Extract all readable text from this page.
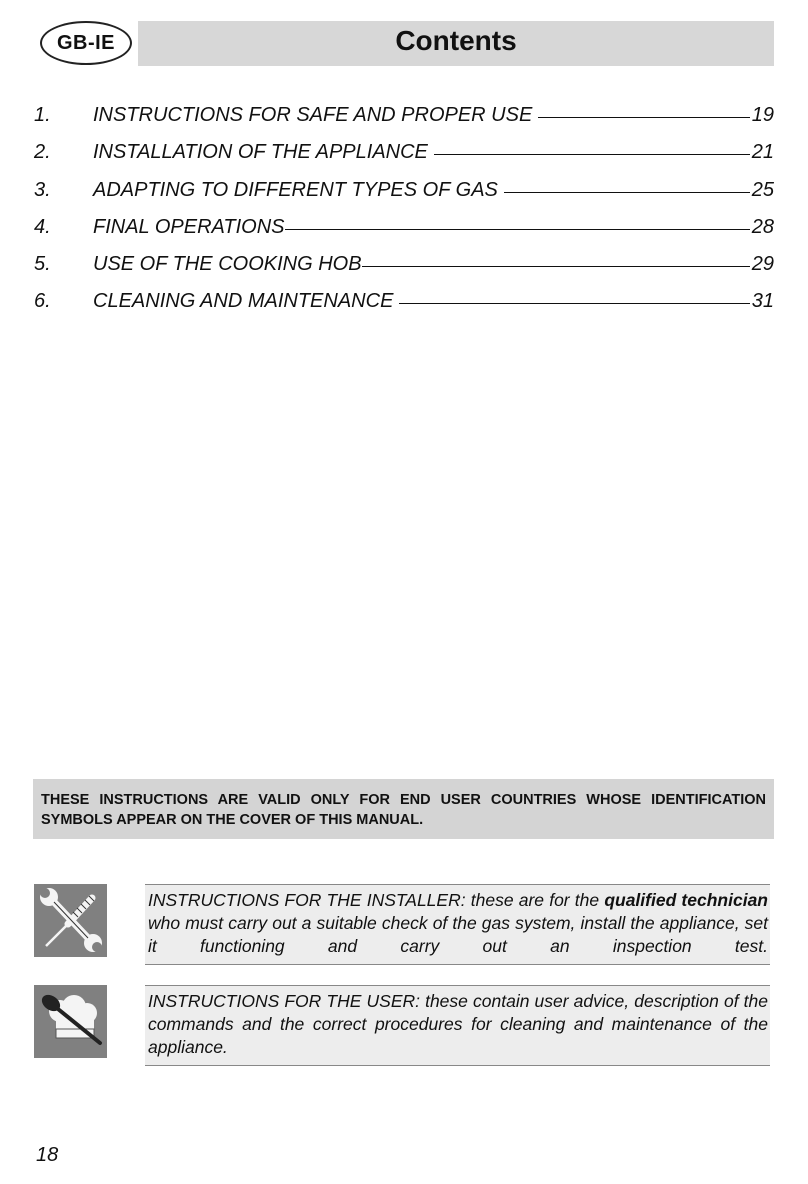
GB-IE	Contents
1. INSTRUCTIONS FOR SAFE AND PROPER USE	19
2. INSTALLATION OF THE APPLIANCE	21
3. ADAPTING TO DIFFERENT TYPES OF GAS	25
4. FINAL OPERATIONS	28
5. USE OF THE COOKING HOB	29
6. CLEANING AND MAINTENANCE	31
THESE INSTRUCTIONS ARE VALID ONLY FOR END USER COUNTRIES WHOSE IDENTIFICATION SYMBOLS APPEAR ON THE COVER OF THIS MANUAL.
INSTRUCTIONS FOR THE INSTALLER: these are for the qualified technician who must carry out a suitable check of the gas system, install the appliance, set it functioning and carry out an inspection test.
INSTRUCTIONS FOR THE USER: these contain user advice, description of the commands and the correct procedures for cleaning and maintenance of the appliance.
18
